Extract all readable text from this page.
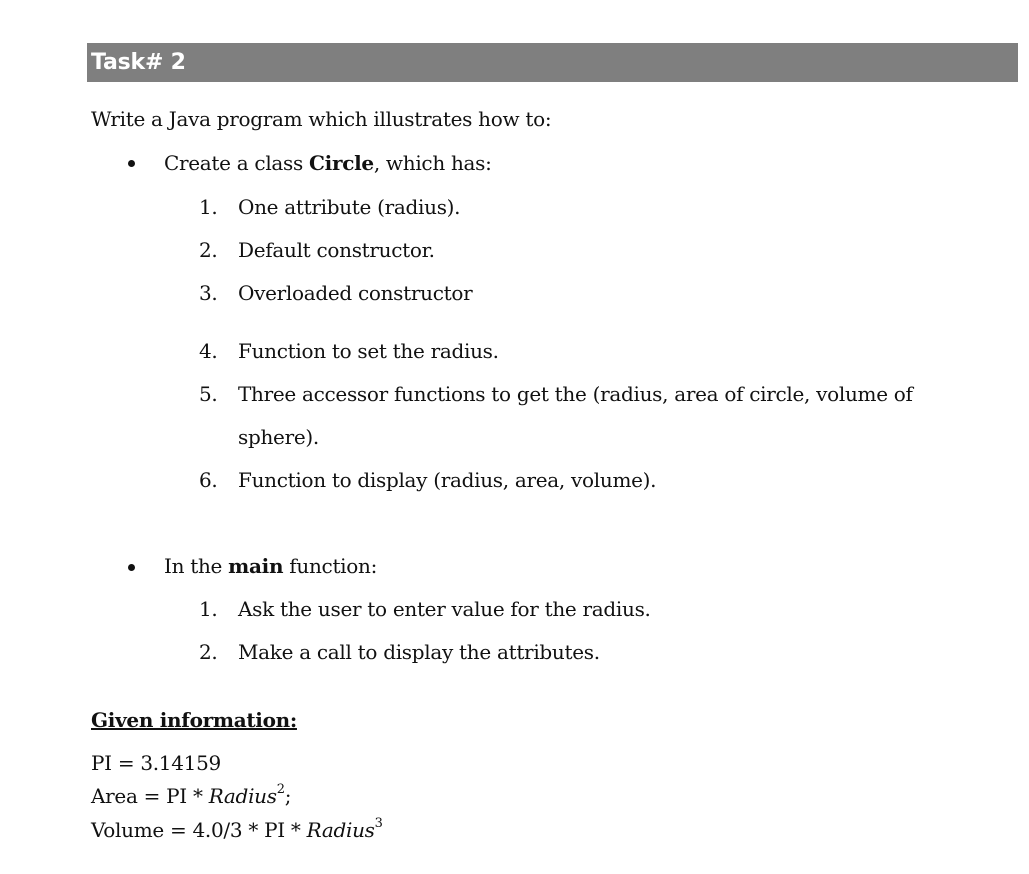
Task# 2
Write a Java program which illustrates how to:
Create a class Circle, which has:
1. One attribute (radius).
2. Default constructor.
3. Overloaded constructor
4. Function to set the radius.
5. Three accessor functions to get the (radius, area of circle, volume of
sphere).
6. Function to display (radius, area, volume).
In the main function:
1. Ask the user to enter value for the radius.
2. Make a call to display the attributes.
Given information:
PI = 3.14159
Area = PI * Radius$^2$;
Volume = 4.0/3 * PI * Radius$^3$
